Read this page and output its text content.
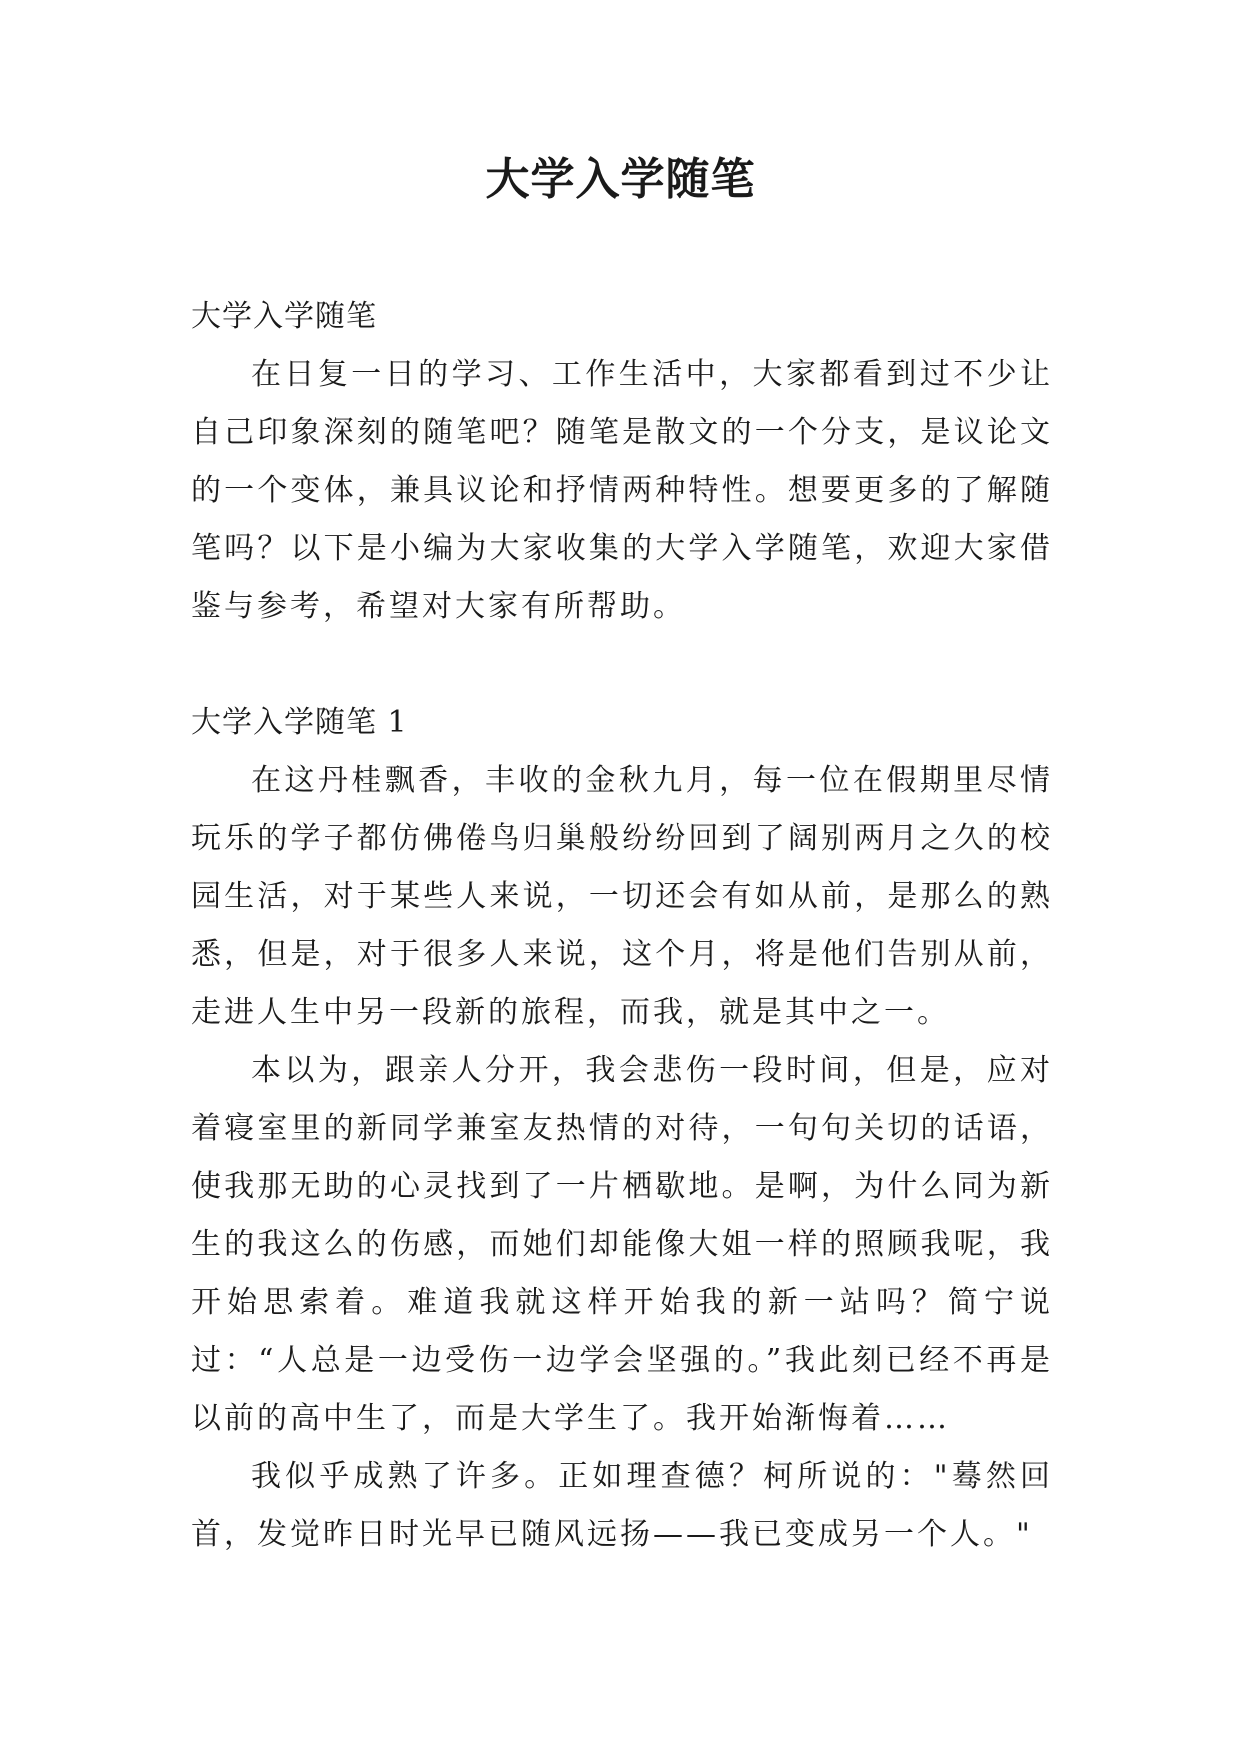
大学入学随笔

大学入学随笔

在日复一日的学习、工作生活中，大家都看到过不少让自己印象深刻的随笔吧？随笔是散文的一个分支，是议论文的一个变体，兼具议论和抒情两种特性。想要更多的了解随笔吗？以下是小编为大家收集的大学入学随笔，欢迎大家借鉴与参考，希望对大家有所帮助。

大学入学随笔 1

在这丹桂飘香，丰收的金秋九月，每一位在假期里尽情玩乐的学子都仿佛倦鸟归巢般纷纷回到了阔别两月之久的校园生活，对于某些人来说，一切还会有如从前，是那么的熟悉，但是，对于很多人来说，这个月，将是他们告别从前，走进人生中另一段新的旅程，而我，就是其中之一。

本以为，跟亲人分开，我会悲伤一段时间，但是，应对着寝室里的新同学兼室友热情的对待，一句句关切的话语，使我那无助的心灵找到了一片栖歇地。是啊，为什么同为新生的我这么的伤感，而她们却能像大姐一样的照顾我呢，我开始思索着。难道我就这样开始我的新一站吗？简宁说过：“人总是一边受伤一边学会坚强的。”我此刻已经不再是以前的高中生了，而是大学生了。我开始渐悔着……

我似乎成熟了许多。正如理查德？柯所说的："蓦然回首，发觉昨日时光早已随风远扬——我已变成另一个人。"
